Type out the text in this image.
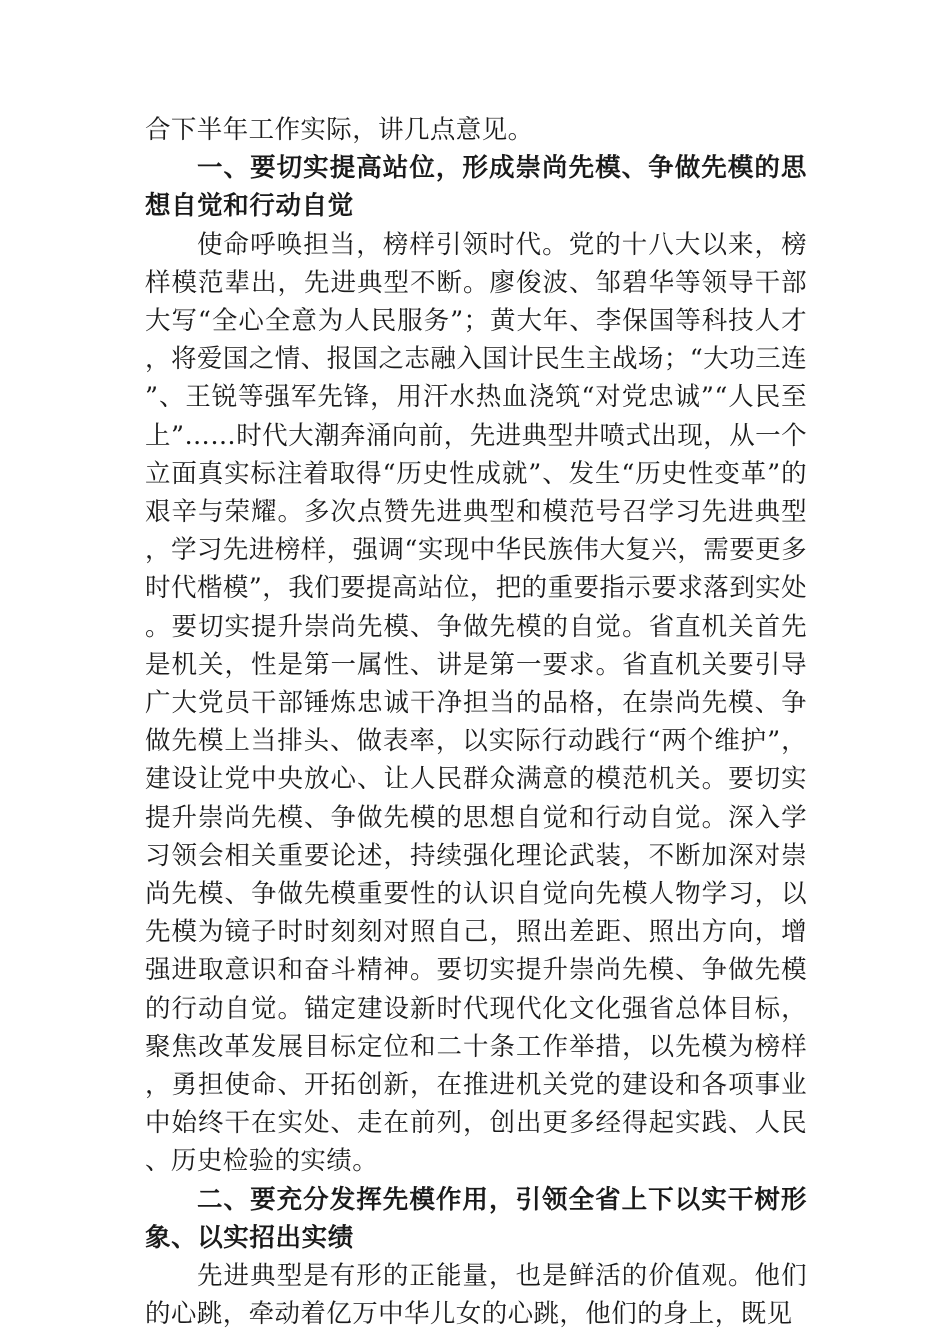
合下半年工作实际，讲几点意见。

一、要切实提高站位，形成崇尚先模、争做先模的思想自觉和行动自觉

使命呼唤担当，榜样引领时代。党的十八大以来，榜样模范辈出，先进典型不断。廖俊波、邹碧华等领导干部大写“全心全意为人民服务”；黄大年、李保国等科技人才，将爱国之情、报国之志融入国计民生主战场；“大功三连”、王锐等强军先锋，用汗水热血浇筑“对党忠诚”“人民至上”……时代大潮奔涌向前，先进典型井喷式出现，从一个立面真实标注着取得“历史性成就”、发生“历史性变革”的艰辛与荣耀。多次点赞先进典型和模范号召学习先进典型，学习先进榜样，强调“实现中华民族伟大复兴，需要更多时代楷模”，我们要提高站位，把的重要指示要求落到实处。要切实提升崇尚先模、争做先模的自觉。省直机关首先是机关，性是第一属性、讲是第一要求。省直机关要引导广大党员干部锤炼忠诚干净担当的品格，在崇尚先模、争做先模上当排头、做表率，以实际行动践行“两个维护”，建设让党中央放心、让人民群众满意的模范机关。要切实提升崇尚先模、争做先模的思想自觉和行动自觉。深入学习领会相关重要论述，持续强化理论武装，不断加深对崇尚先模、争做先模重要性的认识自觉向先模人物学习，以先模为镜子时时刻刻对照自己，照出差距、照出方向，增强进取意识和奋斗精神。要切实提升崇尚先模、争做先模的行动自觉。锚定建设新时代现代化文化强省总体目标，聚焦改革发展目标定位和二十条工作举措，以先模为榜样，勇担使命、开拓创新，在推进机关党的建设和各项事业中始终干在实处、走在前列，创出更多经得起实践、人民、历史检验的实绩。

二、要充分发挥先模作用，引领全省上下以实干树形象、以实招出实绩

先进典型是有形的正能量，也是鲜活的价值观。他们的心跳，牵动着亿万中华儿女的心跳，他们的身上，既见
